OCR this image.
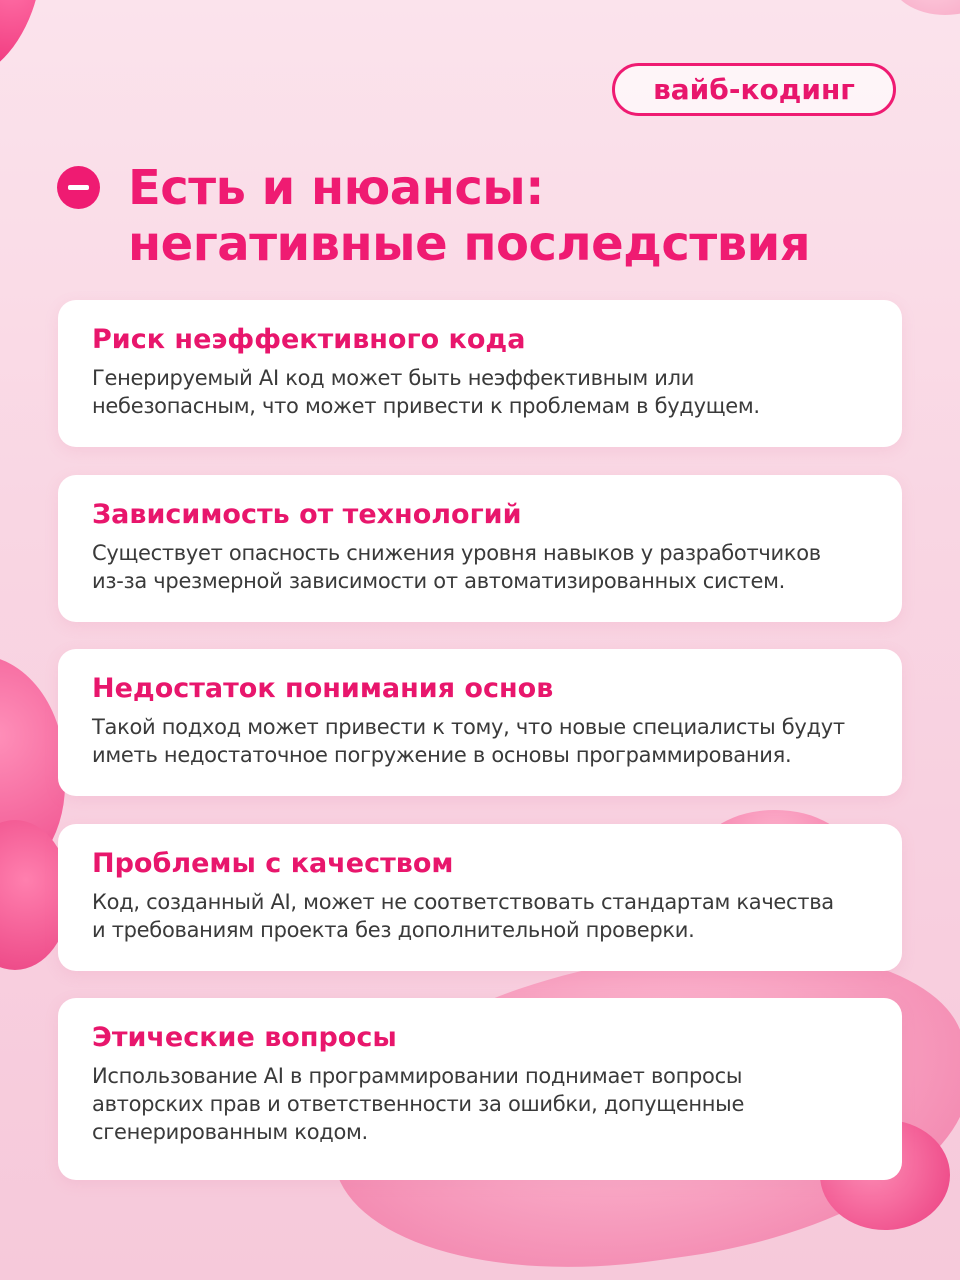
вайб-кодинг
Есть и нюансы:
негативные последствия
Риск неэффективного кода

Генерируемый AI код может быть неэффективным или
небезопасным, что может привести к проблемам в будущем.

Зависимость от технологий

Существует опасность снижения уровня навыков у разработчиков
из-за чрезмерной зависимости от автоматизированных систем.

Недостаток понимания основ

Такой подход может привести к тому, что новые специалисты будут
иметь недостаточное погружение в основы программирования.

Проблемы с качеством

Код, созданный AI, может не соответствовать стандартам качества
и требованиям проекта без дополнительной проверки.

Этические вопросы

Использование AI в программировании поднимает вопросы
авторских прав и ответственности за ошибки, допущенные
сгенерированным кодом.
